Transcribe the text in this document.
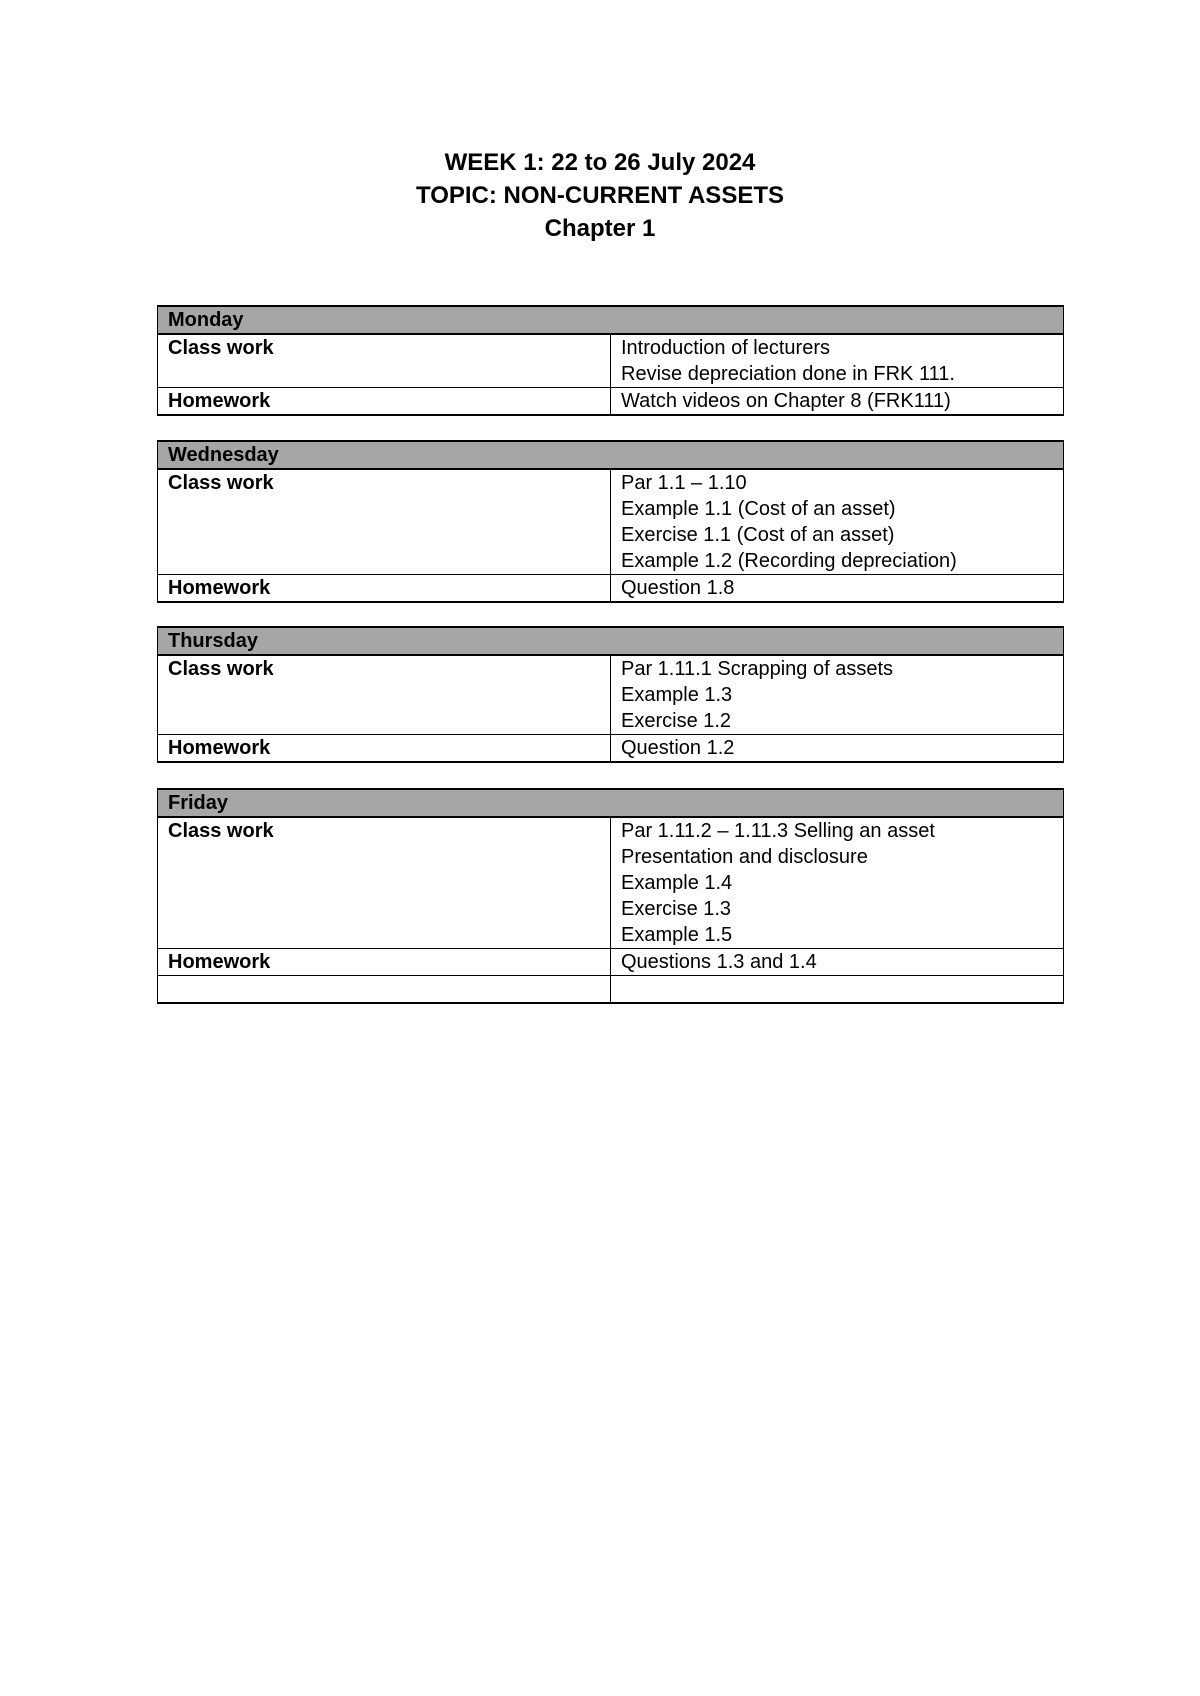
WEEK 1: 22 to 26 July 2024
TOPIC: NON-CURRENT ASSETS
Chapter 1
Monday	
Class work	Introduction of lecturers
Revise depreciation done in FRK 111.

Homework	Watch videos on Chapter 8 (FRK111)
Wednesday	
Class work	Par 1.1 – 1.10
Example 1.1 (Cost of an asset)
Exercise 1.1 (Cost of an asset)
Example 1.2 (Recording depreciation)

Homework	Question 1.8
Thursday	
Class work	Par 1.11.1 Scrapping of assets
Example 1.3
Exercise 1.2

Homework	Question 1.2
Friday	
Class work	Par 1.11.2 – 1.11.3 Selling an asset
Presentation and disclosure
Example 1.4
Exercise 1.3
Example 1.5

Homework	Questions 1.3 and 1.4
